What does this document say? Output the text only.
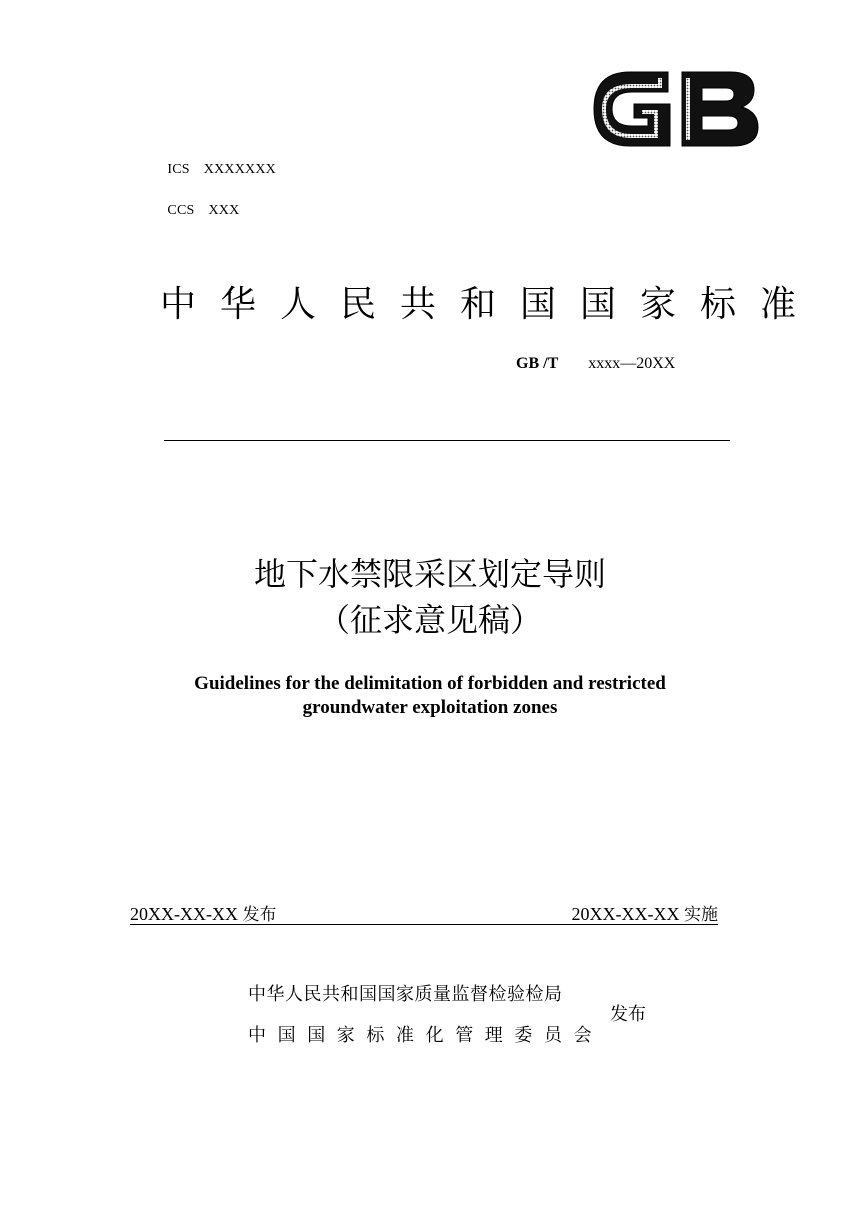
ICS XXXXXXX

CCS XXX

中华人民共和国国家标准
GB /T xxxx—20XX
地下水禁限采区划定导则
（征求意见稿）
Guidelines for the delimitation of forbidden and restricted
groundwater exploitation zones
20XX-XX-XX 发布	20XX-XX-XX 实施
中华人民共和国国家质量监督检验检局
中国国家标准化管理委员会
发布
